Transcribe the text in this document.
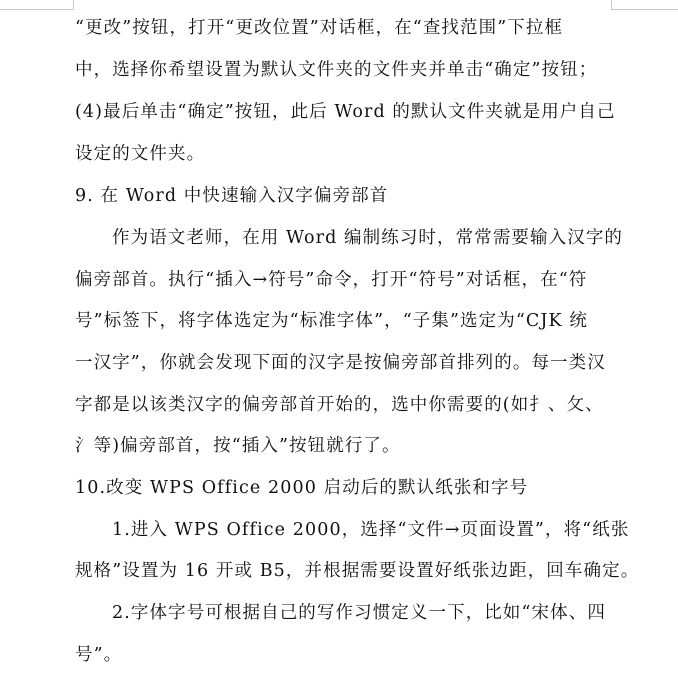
“更改”按钮，打开“更改位置”对话框，在“查找范围”下拉框
中，选择你希望设置为默认文件夹的文件夹并单击“确定”按钮；
(4)最后单击“确定”按钮，此后 Word 的默认文件夹就是用户自己
设定的文件夹。
9. 在 Word 中快速输入汉字偏旁部首
作为语文老师，在用 Word 编制练习时，常常需要输入汉字的
偏旁部首。执行“插入→符号”命令，打开“符号”对话框，在“符
号”标签下，将字体选定为“标准字体”，“子集”选定为“CJK 统
一汉字”，你就会发现下面的汉字是按偏旁部首排列的。每一类汉
字都是以该类汉字的偏旁部首开始的，选中你需要的(如扌、攵、
氵等)偏旁部首，按“插入”按钮就行了。
10.改变 WPS Office 2000 启动后的默认纸张和字号
1.进入 WPS Office 2000，选择“文件→页面设置”，将“纸张
规格”设置为 16 开或 B5，并根据需要设置好纸张边距，回车确定。
2.字体字号可根据自己的写作习惯定义一下，比如“宋体、四
号”。
